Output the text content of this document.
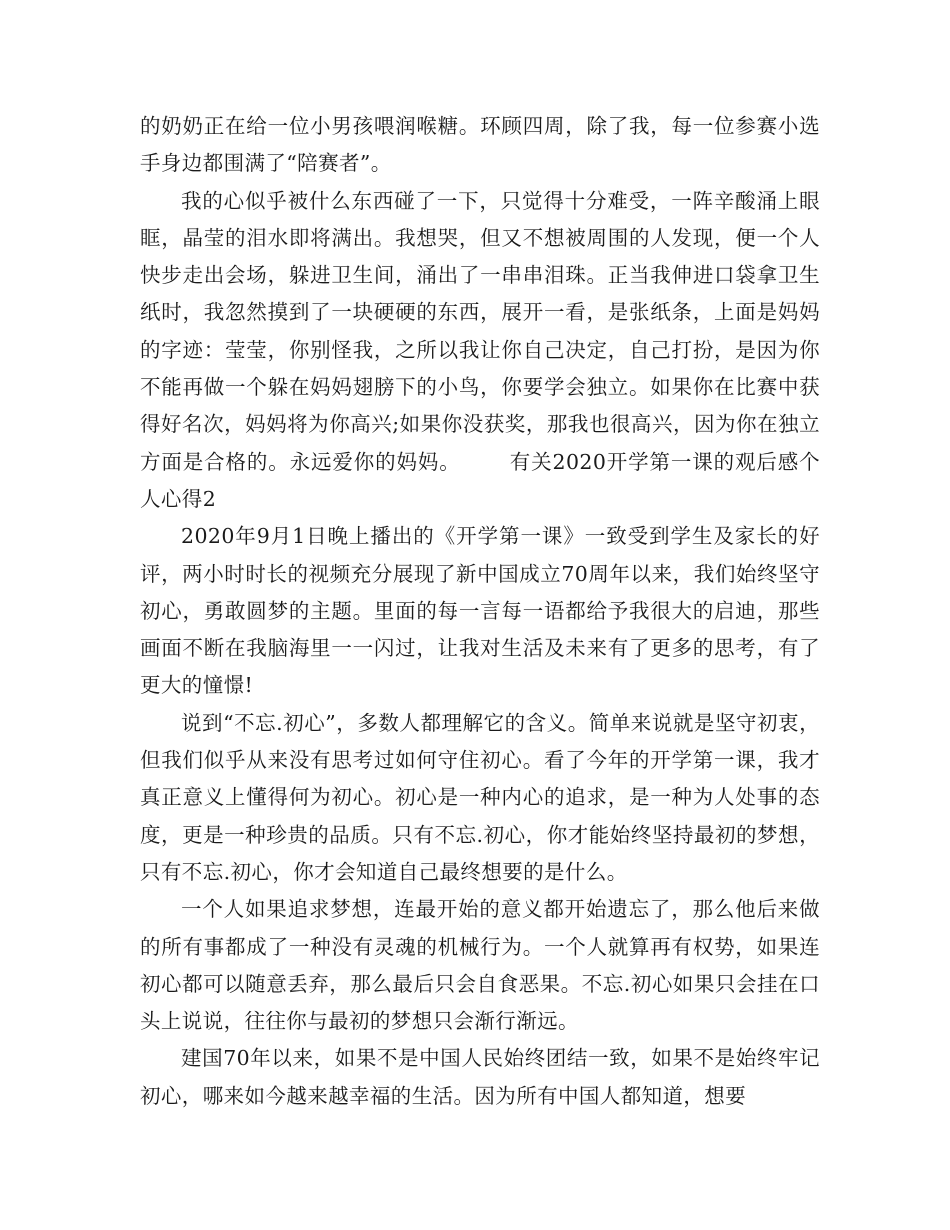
的奶奶正在给一位小男孩喂润喉糖。环顾四周，除了我，每一位参赛小选手身边都围满了“陪赛者”。

我的心似乎被什么东西碰了一下，只觉得十分难受，一阵辛酸涌上眼眶，晶莹的泪水即将满出。我想哭，但又不想被周围的人发现，便一个人快步走出会场，躲进卫生间，涌出了一串串泪珠。正当我伸进口袋拿卫生纸时，我忽然摸到了一块硬硬的东西，展开一看，是张纸条，上面是妈妈的字迹：莹莹，你别怪我，之所以我让你自己决定，自己打扮，是因为你不能再做一个躲在妈妈翅膀下的小鸟，你要学会独立。如果你在比赛中获得好名次，妈妈将为你高兴;如果你没获奖，那我也很高兴，因为你在独立方面是合格的。永远爱你的妈妈。 有关2020开学第一课的观后感个人心得2

2020年9月1日晚上播出的《开学第一课》一致受到学生及家长的好评，两小时时长的视频充分展现了新中国成立70周年以来，我们始终坚守初心，勇敢圆梦的主题。里面的每一言每一语都给予我很大的启迪，那些画面不断在我脑海里一一闪过，让我对生活及未来有了更多的思考，有了更大的憧憬!

说到“不忘.初心”，多数人都理解它的含义。简单来说就是坚守初衷，但我们似乎从来没有思考过如何守住初心。看了今年的开学第一课，我才真正意义上懂得何为初心。初心是一种内心的追求，是一种为人处事的态度，更是一种珍贵的品质。只有不忘.初心，你才能始终坚持最初的梦想，只有不忘.初心，你才会知道自己最终想要的是什么。

一个人如果追求梦想，连最开始的意义都开始遗忘了，那么他后来做的所有事都成了一种没有灵魂的机械行为。一个人就算再有权势，如果连初心都可以随意丢弃，那么最后只会自食恶果。不忘.初心如果只会挂在口头上说说，往往你与最初的梦想只会渐行渐远。

建国70年以来，如果不是中国人民始终团结一致，如果不是始终牢记初心，哪来如今越来越幸福的生活。因为所有中国人都知道，想要
